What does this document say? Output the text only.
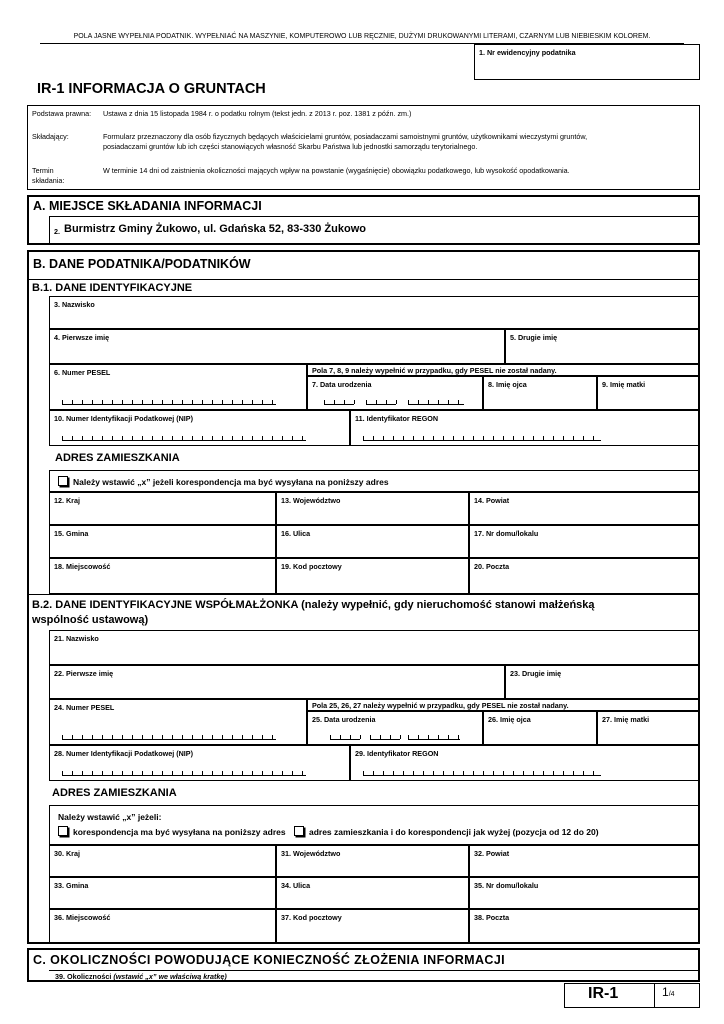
POLA JASNE WYPEŁNIA PODATNIK. WYPEŁNIAĆ NA MASZYNIE, KOMPUTEROWO LUB RĘCZNIE, DUŻYMI DRUKOWANYMI LITERAMI, CZARNYM LUB NIEBIESKIM KOLOREM.
1. Nr ewidencyjny podatnika
IR-1 INFORMACJA O GRUNTACH
Podstawa prawna: Ustawa z dnia 15 listopada 1984 r. o podatku rolnym (tekst jedn. z 2013 r. poz. 1381 z późn. zm.)
Składający:	Formularz przeznaczony dla osób fizycznych będących właścicielami gruntów, posiadaczami samoistnymi gruntów, użytkownikami wieczystymi gruntów,
posiadaczami gruntów lub ich części stanowiących własność Skarbu Państwa lub jednostki samorządu terytorialnego.
Termin
składania:
W terminie 14 dni od zaistnienia okoliczności mających wpływ na powstanie (wygaśnięcie) obowiązku podatkowego, lub wysokość opodatkowania.
A. MIEJSCE SKŁADANIA INFORMACJI
2. Burmistrz Gminy Żukowo, ul. Gdańska 52, 83-330 Żukowo
B. DANE PODATNIKA/PODATNIKÓW
B.1. DANE IDENTYFIKACYJNE
3. Nazwisko
4. Pierwsze imię	5. Drugie imię
6. Numer PESEL	Pola 7, 8, 9 należy wypełnić w przypadku, gdy PESEL nie został nadany.
7. Data urodzenia	8. Imię ojca	9. Imię matki
10. Numer Identyfikacji Podatkowej (NIP)	11. Identyfikator REGON
ADRES ZAMIESZKANIA
Należy wstawić „x” jeżeli korespondencja ma być wysyłana na poniższy adres
12. Kraj	13. Województwo	14. Powiat
15. Gmina	16. Ulica	17. Nr domu/lokalu
18. Miejscowość	19. Kod pocztowy	20. Poczta
B.2. DANE IDENTYFIKACYJNE WSPÓŁMAŁŻONKA (należy wypełnić, gdy nieruchomość stanowi małżeńską
wspólność ustawową)
21. Nazwisko
22. Pierwsze imię	23. Drugie imię
24. Numer PESEL	Pola 25, 26, 27 należy wypełnić w przypadku, gdy PESEL nie został nadany.
25. Data urodzenia	26. Imię ojca	27. Imię matki
28. Numer Identyfikacji Podatkowej (NIP)	29. Identyfikator REGON
ADRES ZAMIESZKANIA
Należy wstawić „x” jeżeli:
korespondencja ma być wysyłana na poniższy adres	adres zamieszkania i do korespondencji jak wyżej (pozycja od 12 do 20)
30. Kraj	31. Województwo	32. Powiat
33. Gmina	34. Ulica	35. Nr domu/lokalu
36. Miejscowość	37. Kod pocztowy	38. Poczta
C. OKOLICZNOŚCI POWODUJĄCE KONIECZNOŚĆ ZŁOŻENIA INFORMACJI
39. Okoliczności (wstawić „x” we właściwą kratkę)
IR-1	1/4
